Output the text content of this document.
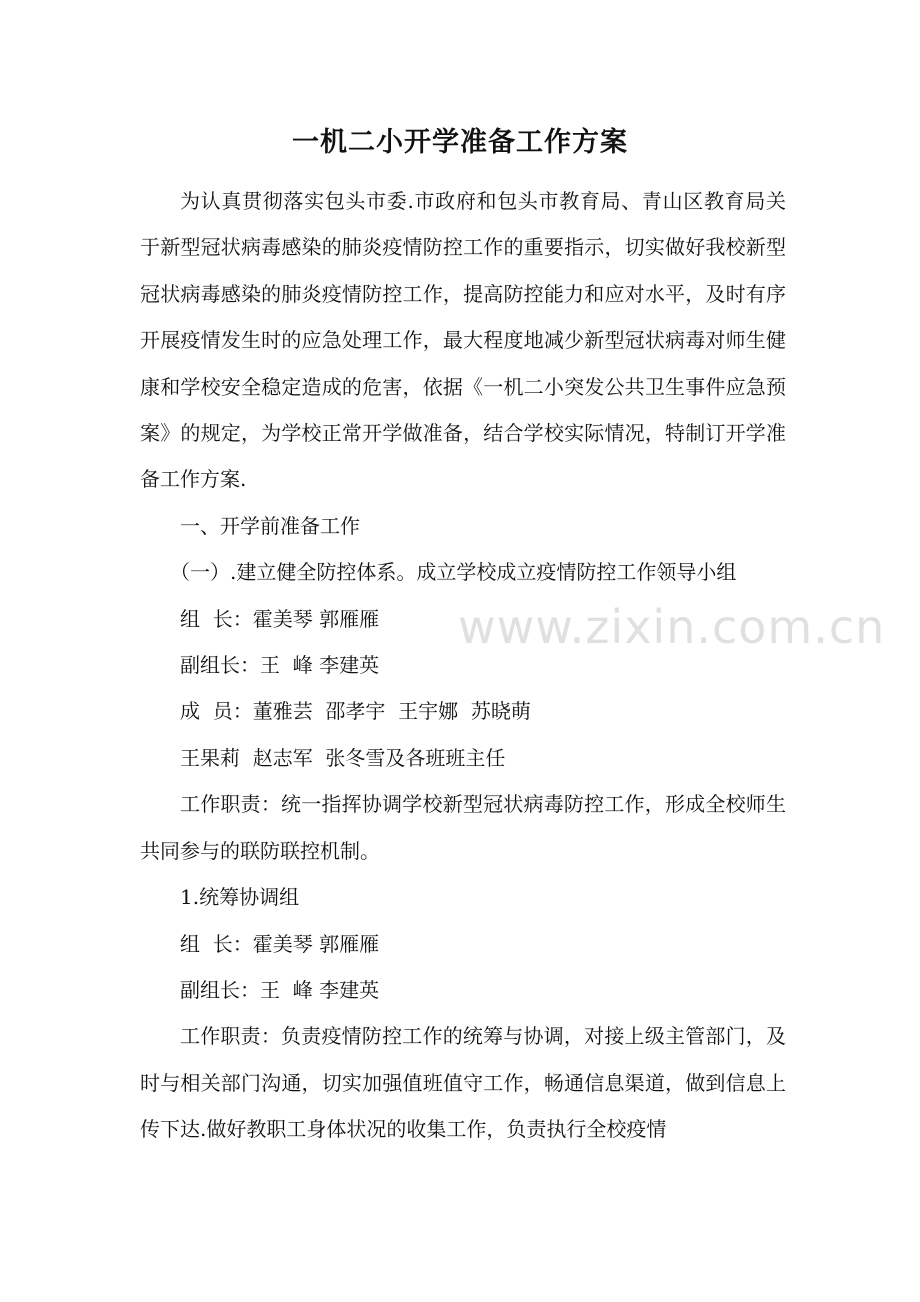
一机二小开学准备工作方案

为认真贯彻落实包头市委.市政府和包头市教育局、青山区教育局关于新型冠状病毒感染的肺炎疫情防控工作的重要指示，切实做好我校新型冠状病毒感染的肺炎疫情防控工作，提高防控能力和应对水平，及时有序开展疫情发生时的应急处理工作，最大程度地减少新型冠状病毒对师生健康和学校安全稳定造成的危害，依据《一机二小突发公共卫生事件应急预案》的规定，为学校正常开学做准备，结合学校实际情况，特制订开学准备工作方案.

一、开学前准备工作

（一）.建立健全防控体系。成立学校成立疫情防控工作领导小组

组  长：霍美琴 郭雁雁

副组长：王  峰 李建英

成  员：董雅芸  邵孝宇  王宇娜  苏晓萌

王果莉  赵志军  张冬雪及各班班主任

工作职责：统一指挥协调学校新型冠状病毒防控工作，形成全校师生共同参与的联防联控机制。

1.统筹协调组

组  长：霍美琴 郭雁雁

副组长：王  峰 李建英

工作职责：负责疫情防控工作的统筹与协调，对接上级主管部门，及时与相关部门沟通，切实加强值班值守工作，畅通信息渠道，做到信息上传下达.做好教职工身体状况的收集工作，负责执行全校疫情

www.zixin.com.cn
